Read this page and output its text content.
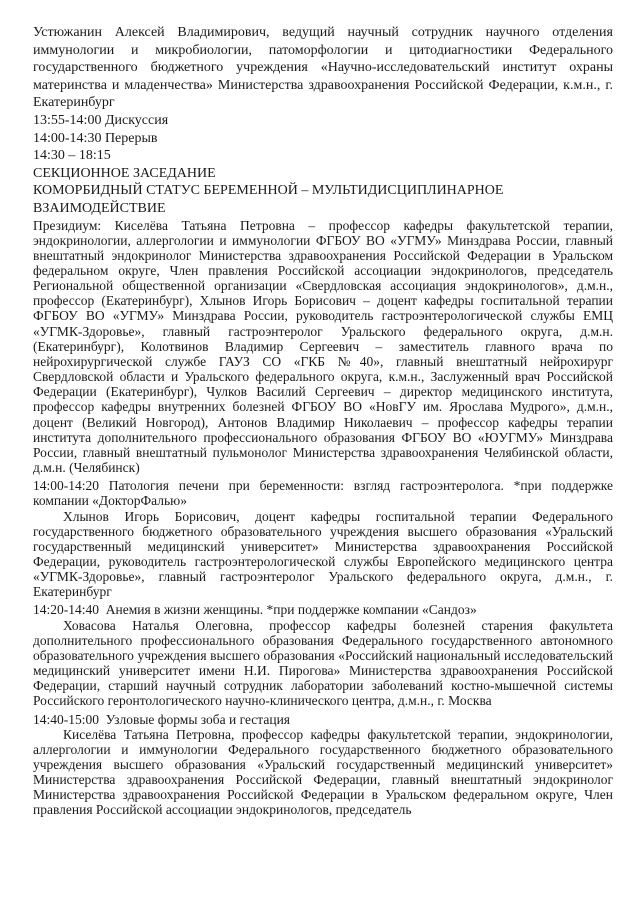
Устюжанин Алексей Владимирович, ведущий научный сотрудник научного отделения иммунологии и микробиологии, патоморфологии и цитодиагностики Федерального государственного бюджетного учреждения «Научно-исследовательский институт охраны материнства и младенчества» Министерства здравоохранения Российской Федерации, к.м.н., г. Екатеринбург

13:55-14:00 Дискуссия

14:00-14:30 Перерыв

14:30 – 18:15

СЕКЦИОННОЕ ЗАСЕДАНИЕ

КОМОРБИДНЫЙ СТАТУС БЕРЕМЕННОЙ – МУЛЬТИДИСЦИПЛИНАРНОЕ ВЗАИМОДЕЙСТВИЕ

Президиум: Киселёва Татьяна Петровна – профессор кафедры факультетской терапии, эндокринологии, аллергологии и иммунологии ФГБОУ ВО «УГМУ» Минздрава России, главный внештатный эндокринолог Министерства здравоохранения Российской Федерации в Уральском федеральном округе, Член правления Российской ассоциации эндокринологов, председатель Региональной общественной организации «Свердловская ассоциация эндокринологов», д.м.н., профессор (Екатеринбург), Хлынов Игорь Борисович – доцент кафедры госпитальной терапии ФГБОУ ВО «УГМУ» Минздрава России, руководитель гастроэнтерологической службы ЕМЦ «УГМК-Здоровье», главный гастроэнтеролог Уральского федерального округа, д.м.н. (Екатеринбург), Колотвинов Владимир Сергеевич – заместитель главного врача по нейрохирургической службе ГАУЗ СО «ГКБ №40», главный внештатный нейрохирург Свердловской области и Уральского федерального округа, к.м.н., Заслуженный врач Российской Федерации (Екатеринбург), Чулков Василий Сергеевич – директор медицинского института, профессор кафедры внутренних болезней ФГБОУ ВО «НовГУ им. Ярослава Мудрого», д.м.н., доцент (Великий Новгород), Антонов Владимир Николаевич – профессор кафедры терапии института дополнительного профессионального образования ФГБОУ ВО «ЮУГМУ» Минздрава России, главный внештатный пульмонолог Министерства здравоохранения Челябинской области, д.м.н. (Челябинск)

14:00-14:20 Патология печени при беременности: взгляд гастроэнтеролога. *при поддержке компании «ДокторФалью»

Хлынов Игорь Борисович, доцент кафедры госпитальной терапии Федерального государственного бюджетного образовательного учреждения высшего образования «Уральский государственный медицинский университет» Министерства здравоохранения Российской Федерации, руководитель гастроэнтерологической службы Европейского медицинского центра «УГМК-Здоровье», главный гастроэнтеролог Уральского федерального округа, д.м.н., г. Екатеринбург

14:20-14:40  Анемия в жизни женщины. *при поддержке компании «Сандоз»

Ховасова Наталья Олеговна, профессор кафедры болезней старения факультета дополнительного профессионального образования Федерального государственного автономного образовательного учреждения высшего образования «Российский национальный исследовательский медицинский университет имени Н.И. Пирогова» Министерства здравоохранения Российской Федерации, старший научный сотрудник лаборатории заболеваний костно-мышечной системы Российского геронтологического научно-клинического центра, д.м.н., г. Москва

14:40-15:00  Узловые формы зоба и гестация

Киселёва Татьяна Петровна, профессор кафедры факультетской терапии, эндокринологии, аллергологии и иммунологии Федерального государственного бюджетного образовательного учреждения высшего образования «Уральский государственный медицинский университет» Министерства здравоохранения Российской Федерации, главный внештатный эндокринолог Министерства здравоохранения Российской Федерации в Уральском федеральном округе, Член правления Российской ассоциации эндокринологов, председатель
